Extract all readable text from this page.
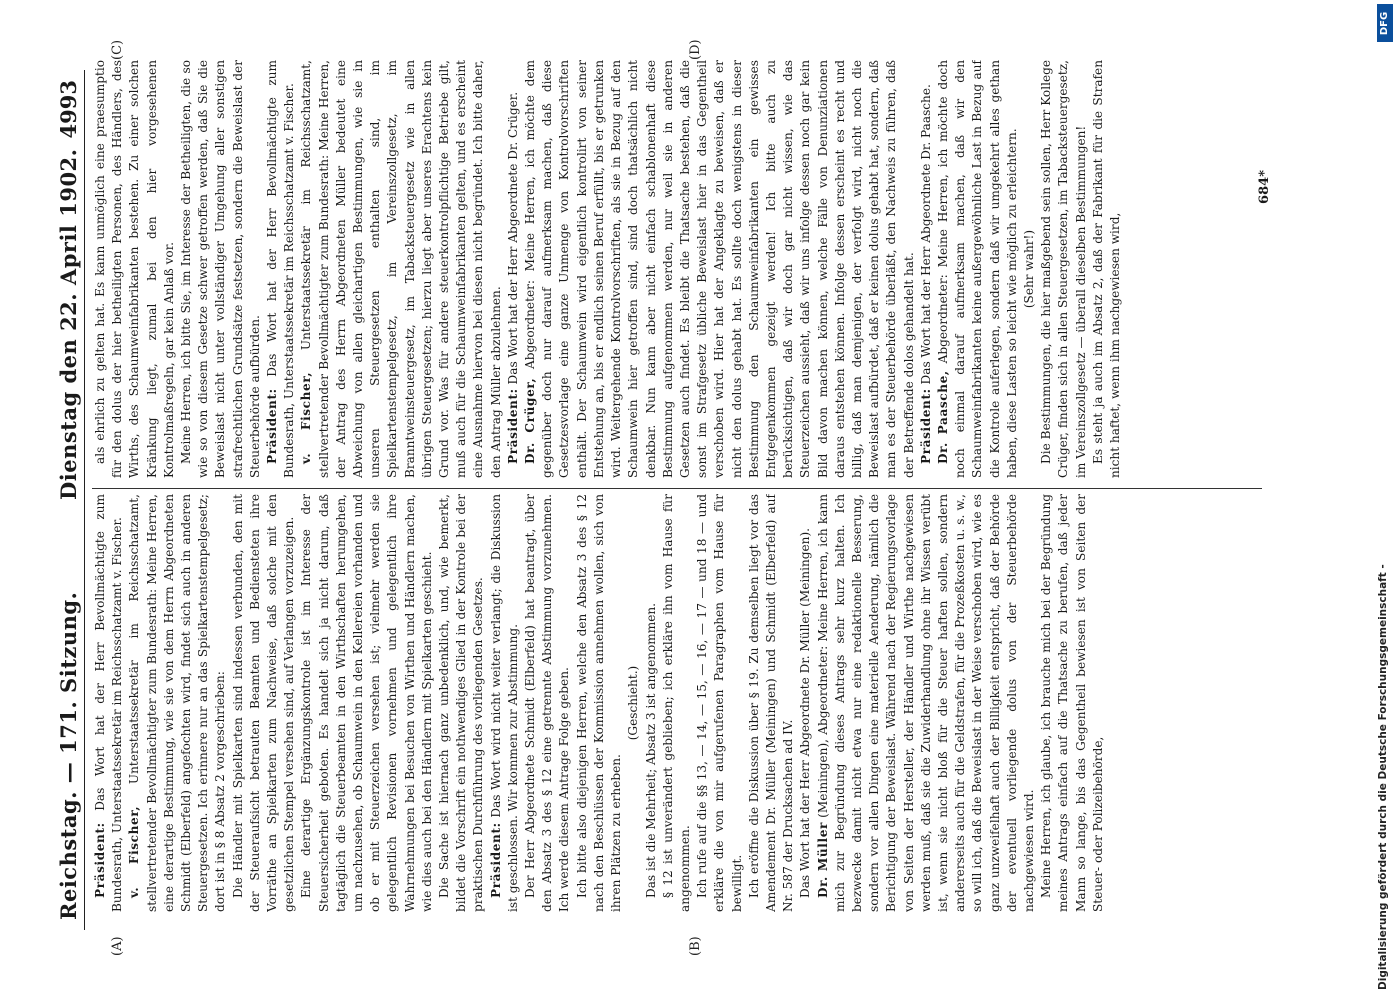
Reichstag. — 171. Sitzung.
Dienstag den 22. April 1902.
4993
(A)	(B)
(C)	(D)

Präsident: Das Wort hat der Herr Bevollmächtigte zum Bundesrath, Unterstaatssekretär im Reichsschatzamt v. Fischer. v. Fischer, Unterstaatssekretär im Reichsschatzamt, stellvertretender Bevollmächtigter zum Bundesrath: Meine Herren, eine derartige Bestimmung, wie sie von dem Herrn Abgeordneten Schmidt (Elberfeld) angefochten wird, findet sich auch in anderen Steuergesetzen. Ich erinnere nur an das Spielkartenstempelgesetz; dort ist in § 8 Absatz 2 vorgeschrieben: Die Händler mit Spielkarten sind indessen verbunden, den mit der Steueraufsicht betrauten Beamten und Bediensteten ihre Vorräthe an Spielkarten zum Nachweise, daß solche mit den gesetzlichen Stempel versehen sind, auf Verlangen vorzuzeigen. Eine derartige Ergänzungskontrole ist im Interesse der Steuersicherheit geboten. Es handelt sich ja nicht darum, daß tagtäglich die Steuerbeamten in den Wirthschaften herumgehen, um nachzusehen, ob Schaumwein in den Kellereien vorhanden und ob er mit Steuerzeichen versehen ist; vielmehr werden sie gelegentlich Revisionen vornehmen und gelegentlich ihre Wahrnehmungen bei Besuchen von Wirthen und Händlern machen, wie dies auch bei den Händlern mit Spielkarten geschieht. Die Sache ist hiernach ganz unbedenklich, und, wie bemerkt, bildet die Vorschrift ein nothwendiges Glied in der Kontrole bei der praktischen Durchführung des vorliegenden Gesetzes. Präsident: Das Wort wird nicht weiter verlangt; die Diskussion ist geschlossen. Wir kommen zur Abstimmung. Der Herr Abgeordnete Schmidt (Elberfeld) hat beantragt, über den Absatz 3 des § 12 eine getrennte Abstimmung vorzunehmen. Ich werde diesem Antrage Folge geben. Ich bitte also diejenigen Herren, welche den Absatz 3 des § 12 nach den Beschlüssen der Kommission annehmen wollen, sich von ihren Plätzen zu erheben.

(Geschieht.) Das ist die Mehrheit; Absatz 3 ist angenommen. § 12 ist unverändert geblieben; ich erkläre ihn vom Hause für angenommen. Ich rufe auf die §§ 13, — 14, — 15, — 16, — 17 — und 18 — und erkläre die von mir aufgerufenen Paragraphen vom Hause für bewilligt. Ich eröffne die Diskussion über § 19. Zu demselben liegt vor das Amendement Dr. Müller (Meiningen) und Schmidt (Elberfeld) auf Nr. 587 der Drucksachen ad IV. Das Wort hat der Herr Abgeordnete Dr. Müller (Meiningen). Dr. Müller (Meiningen), Abgeordneter: Meine Herren, ich kann mich zur Begründung dieses Antrags sehr kurz halten. Ich bezwecke damit nicht etwa nur eine redaktionelle Besserung, sondern vor allen Dingen eine materielle Aenderung, nämlich die Berichtigung der Beweislast. Während nach der Regierungsvorlage von Seiten der Hersteller, der Händler und Wirthe nachgewiesen werden muß, daß sie die Zuwiderhandlung ohne ihr Wissen verübt ist, wenn sie nicht bloß für die Steuer haften sollen, sondern andererseits auch für die Geldstrafen, für die Prozeßkosten u. s. w., so will ich, daß die Beweislast in der Weise verschoben wird, wie es ganz unzweifelhaft auch der Billigkeit entspricht, daß der Behörde der eventuell vorliegende dolus von der Steuerbehörde nachgewiesen wird. Meine Herren, ich glaube, ich brauche mich bei der Begründung meines Antrags einfach auf die Thatsache zu berufen, daß jeder Mann so lange, bis das Gegentheil bewiesen ist von Seiten der Steuer- oder Polizeibehörde,

als ehrlich zu gelten hat. Es kann unmöglich eine praesumptio für den dolus der hier betheiligten Personen, des Händlers, des Wirths, des Schaumweinfabrikanten bestehen. Zu einer solchen Kränkung liegt, zumal bei den hier vorgesehenen Kontrolmaßregeln, gar kein Anlaß vor. Meine Herren, ich bitte Sie, im Interesse der Betheiligten, die so wie so von diesem Gesetze schwer getroffen werden, daß Sie die Beweislast nicht unter vollständiger Umgehung aller sonstigen strafrechtlichen Grundsätze festsetzen, sondern die Beweislast der Steuerbehörde aufbürden. Präsident: Das Wort hat der Herr Bevollmächtigte zum Bundesrath, Unterstaatssekretär im Reichsschatzamt v. Fischer. v. Fischer, Unterstaatssekretär im Reichsschatzamt, stellvertretender Bevollmächtigter zum Bundesrath: Meine Herren, der Antrag des Herrn Abgeordneten Müller bedeutet eine Abweichung von allen gleichartigen Bestimmungen, wie sie in unseren Steuergesetzen enthalten sind, im Spielkartenstempelgesetz, im Vereinszollgesetz, im Branntweinsteuergesetz, im Tabacksteuergesetz wie in allen übrigen Steuergesetzen; hierzu liegt aber unseres Erachtens kein Grund vor. Was für andere steuerkontrolpflichtige Betriebe gilt, muß auch für die Schaumweinfabrikanten gelten, und es erscheint eine Ausnahme hiervon bei diesen nicht begründet. Ich bitte daher, den Antrag Müller abzulehnen. Präsident: Das Wort hat der Herr Abgeordnete Dr. Crüger.

Dr. Crüger, Abgeordneter: Meine Herren, ich möchte dem gegenüber doch nur darauf aufmerksam machen, daß diese Gesetzesvorlage eine ganze Unmenge von Kontrolvorschriften enthält. Der Schaumwein wird eigentlich kontrolirt von seiner Entstehung an, bis er endlich seinen Beruf erfüllt, bis er getrunken wird. Weitergehende Kontrolvorschriften, als sie in Bezug auf den Schaumwein hier getroffen sind, sind doch thatsächlich nicht denkbar. Nun kann aber nicht einfach schablonenhaft diese Bestimmung aufgenommen werden, nur weil sie in anderen Gesetzen auch findet. Es bleibt die Thatsache bestehen, daß die sonst im Strafgesetz übliche Beweislast hier in das Gegentheil verschoben wird. Hier hat der Angeklagte zu beweisen, daß er nicht den dolus gehabt hat. Es sollte doch wenigstens in dieser Bestimmung den Schaumweinfabrikanten ein gewisses Entgegenkommen gezeigt werden! Ich bitte auch zu berücksichtigen, daß wir doch gar nicht wissen, wie das Steuerzeichen aussieht, daß wir uns infolge dessen noch gar kein Bild davon machen können, welche Fälle von Denunziationen daraus entstehen können. Infolge dessen erscheint es recht und billig, daß man demjenigen, der verfolgt wird, nicht noch die Beweislast aufbürdet, daß er keinen dolus gehabt hat, sondern, daß man es der Steuerbehörde überläßt, den Nachweis zu führen, daß der Betreffende dolos gehandelt hat. Präsident: Das Wort hat der Herr Abgeordnete Dr. Paasche.

Dr. Paasche, Abgeordneter: Meine Herren, ich möchte doch noch einmal darauf aufmerksam machen, daß wir den Schaumweinfabrikanten keine außergewöhnliche Last in Bezug auf die Kontrole auferlegen, sondern daß wir umgekehrt alles gethan haben, diese Lasten so leicht wie möglich zu erleichtern. (Sehr wahr!) Die Bestimmungen, die hier maßgebend sein sollen, Herr Kollege Crüger, finden sich in allen Steuergesetzen, im Tabacksteuergesetz, im Vereinszollgesetz — überall dieselben Bestimmungen! Es steht ja auch im Absatz 2, daß der Fabrikant für die Strafen nicht haftet, wenn ihm nachgewiesen wird,

684*
Digitalisierung gefördert durch die Deutsche Forschungsgemeinschaft -
DFG
